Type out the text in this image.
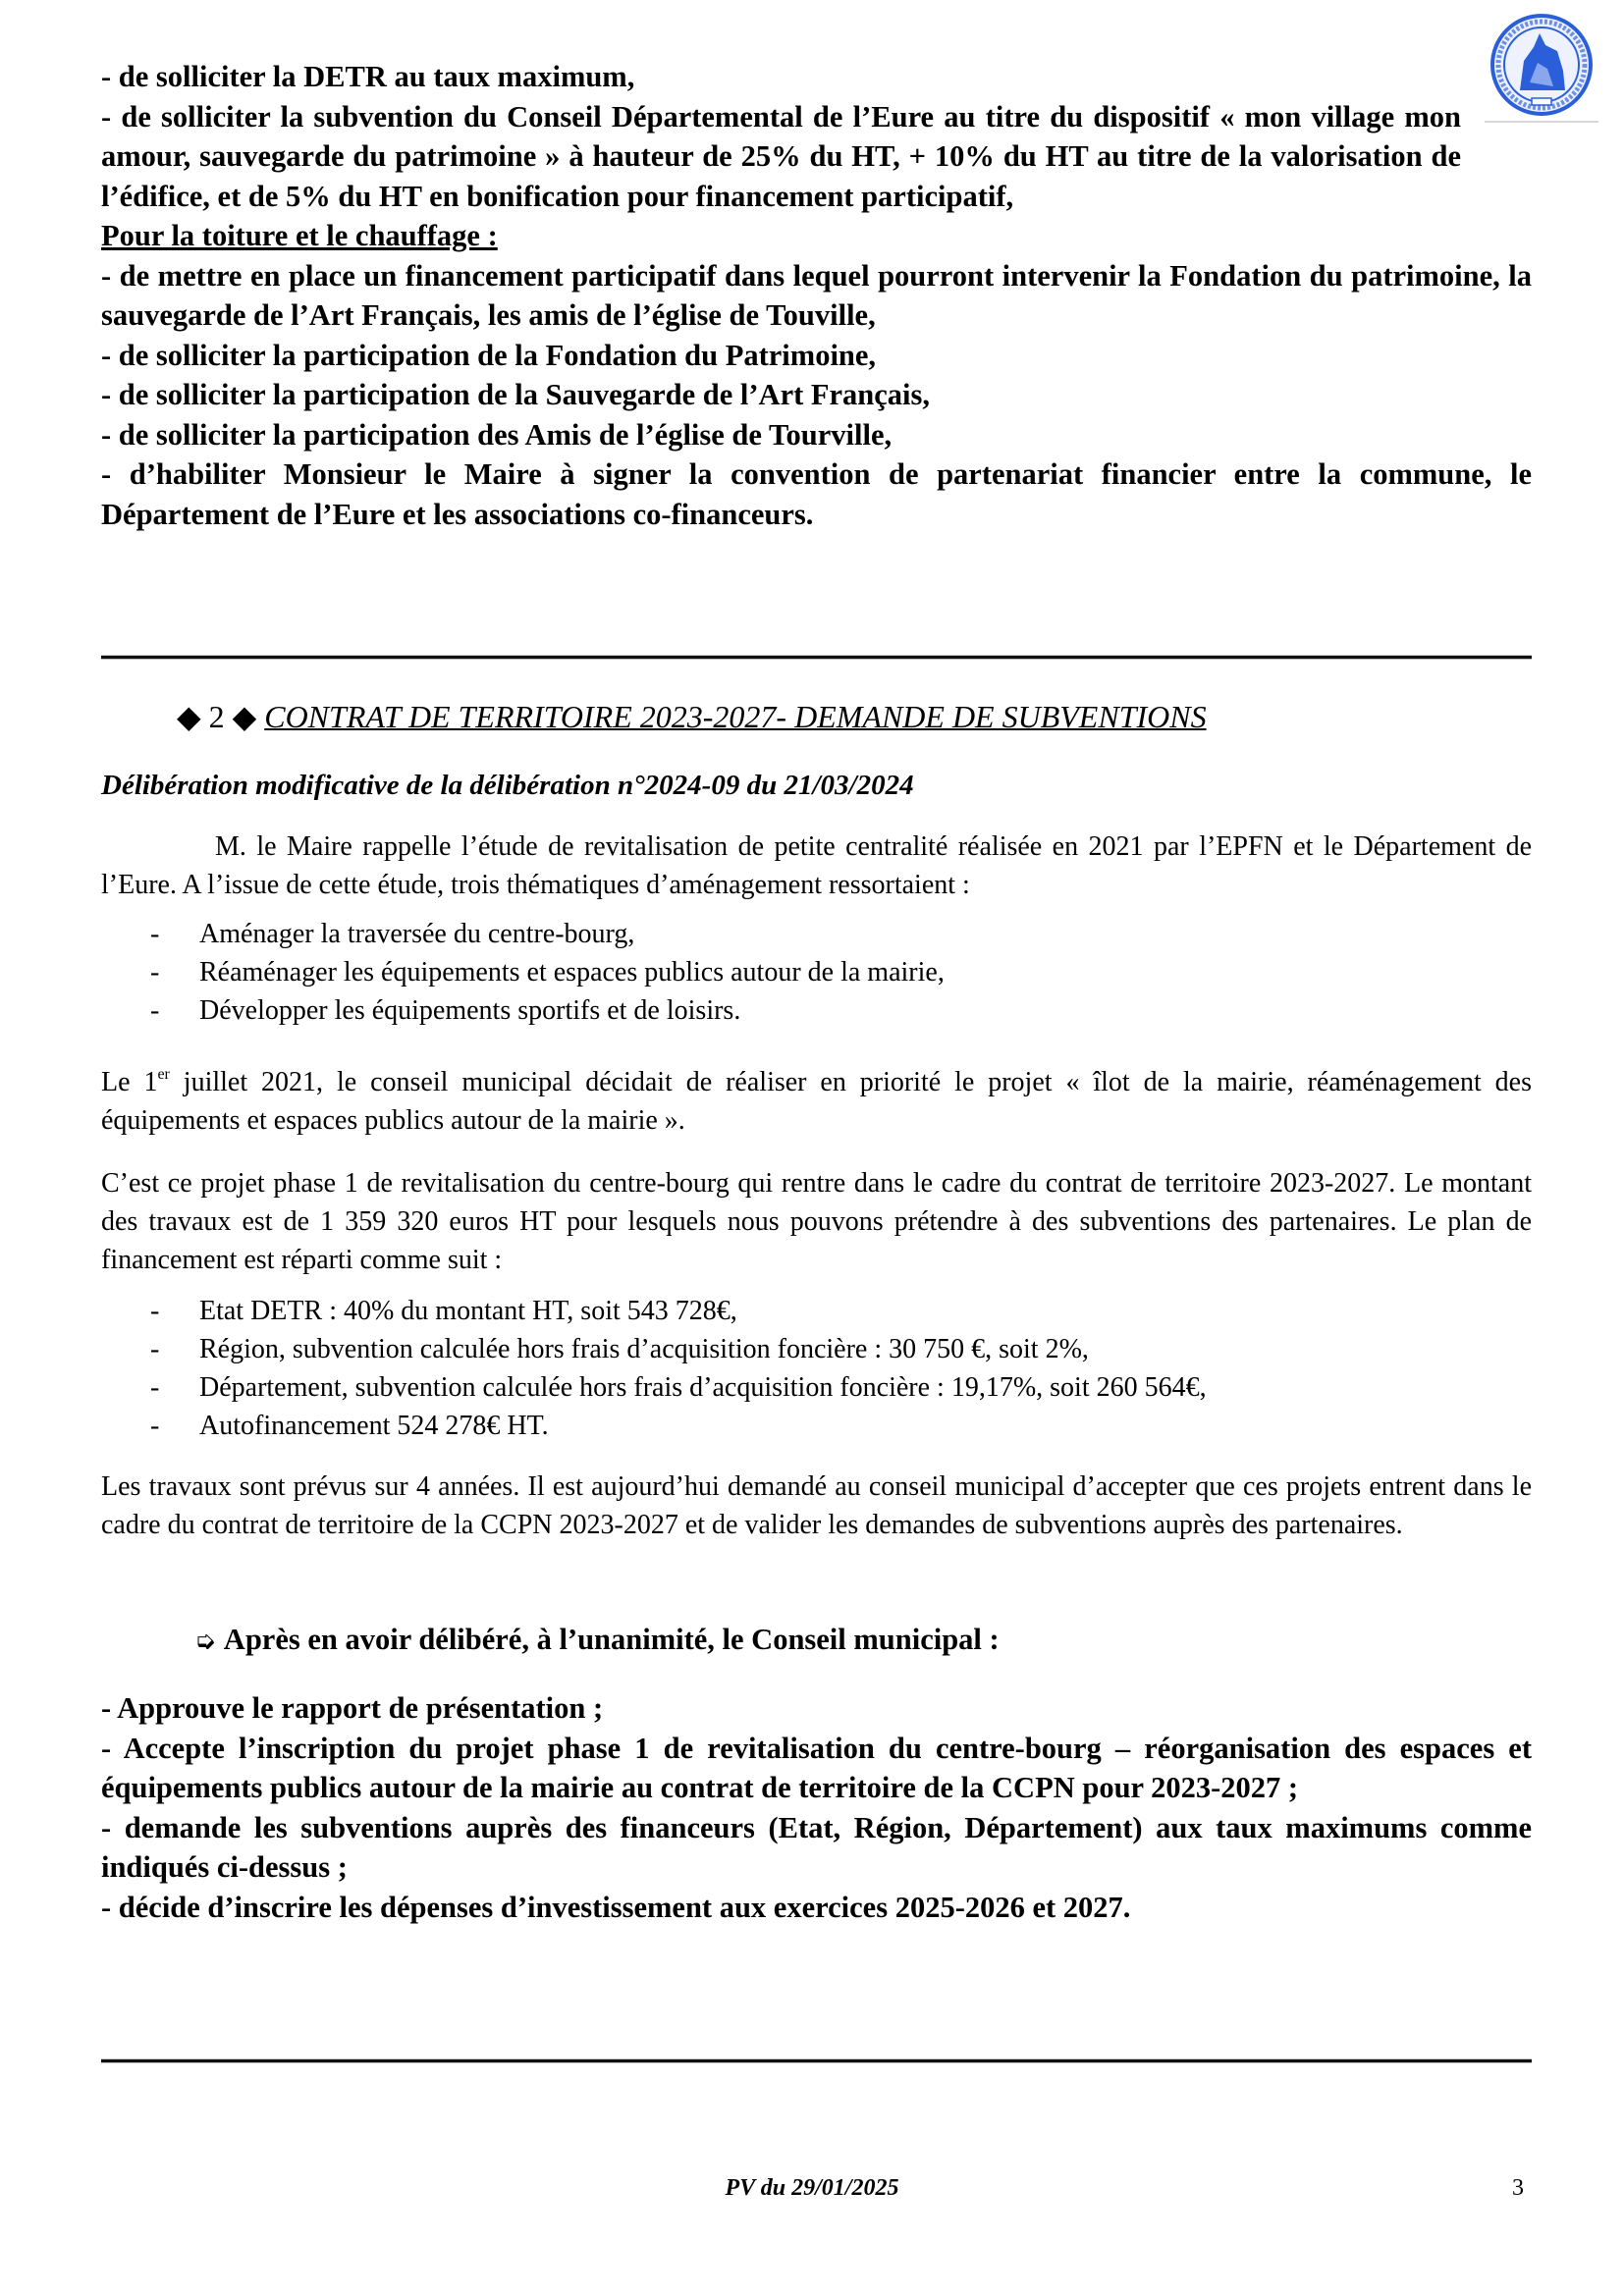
- de solliciter la DETR au taux maximum,

- de solliciter la subvention du Conseil Départemental de l’Eure au titre du dispositif « mon village mon amour, sauvegarde du patrimoine » à hauteur de 25% du HT, + 10% du HT au titre de la valorisation de l’édifice, et de 5% du HT en bonification pour financement participatif,

Pour la toiture et le chauffage :

- de mettre en place un financement participatif dans lequel pourront intervenir la Fondation du patrimoine, la sauvegarde de l’Art Français, les amis de l’église de Touville,

- de solliciter la participation de la Fondation du Patrimoine,

- de solliciter la participation de la Sauvegarde de l’Art Français,

- de solliciter la participation des Amis de l’église de Tourville,

- d’habiliter Monsieur le Maire à signer la convention de partenariat financier entre la commune, le Département de l’Eure et les associations co-financeurs.

◆ 2 ◆ CONTRAT DE TERRITOIRE 2023-2027- DEMANDE DE SUBVENTIONS
Délibération modificative de la délibération n°2024-09 du 21/03/2024

M. le Maire rappelle l’étude de revitalisation de petite centralité réalisée en 2021 par l’EPFN et le Département de l’Eure. A l’issue de cette étude, trois thématiques d’aménagement ressortaient :

- Aménager la traversée du centre-bourg,
- Réaménager les équipements et espaces publics autour de la mairie,
- Développer les équipements sportifs et de loisirs.

Le 1er juillet 2021, le conseil municipal décidait de réaliser en priorité le projet « îlot de la mairie, réaménagement des équipements et espaces publics autour de la mairie ».

C’est ce projet phase 1 de revitalisation du centre-bourg qui rentre dans le cadre du contrat de territoire 2023-2027. Le montant des travaux est de 1 359 320 euros HT pour lesquels nous pouvons prétendre à des subventions des partenaires. Le plan de financement est réparti comme suit :

- Etat DETR : 40% du montant HT, soit 543 728€,
- Région, subvention calculée hors frais d’acquisition foncière : 30 750 €, soit 2%,
- Département, subvention calculée hors frais d’acquisition foncière : 19,17%, soit 260 564€,
- Autofinancement 524 278€ HT.

Les travaux sont prévus sur 4 années. Il est aujourd’hui demandé au conseil municipal d’accepter que ces projets entrent dans le cadre du contrat de territoire de la CCPN 2023-2027 et de valider les demandes de subventions auprès des partenaires.

➭ Après en avoir délibéré, à l’unanimité, le Conseil municipal :

- Approuve le rapport de présentation ;

- Accepte l’inscription du projet phase 1 de revitalisation du centre-bourg – réorganisation des espaces et équipements publics autour de la mairie au contrat de territoire de la CCPN pour 2023-2027 ;

- demande les subventions auprès des financeurs (Etat, Région, Département) aux taux maximums comme indiqués ci-dessus ;

- décide d’inscrire les dépenses d’investissement aux exercices 2025-2026 et 2027.

PV du 29/01/2025	3
